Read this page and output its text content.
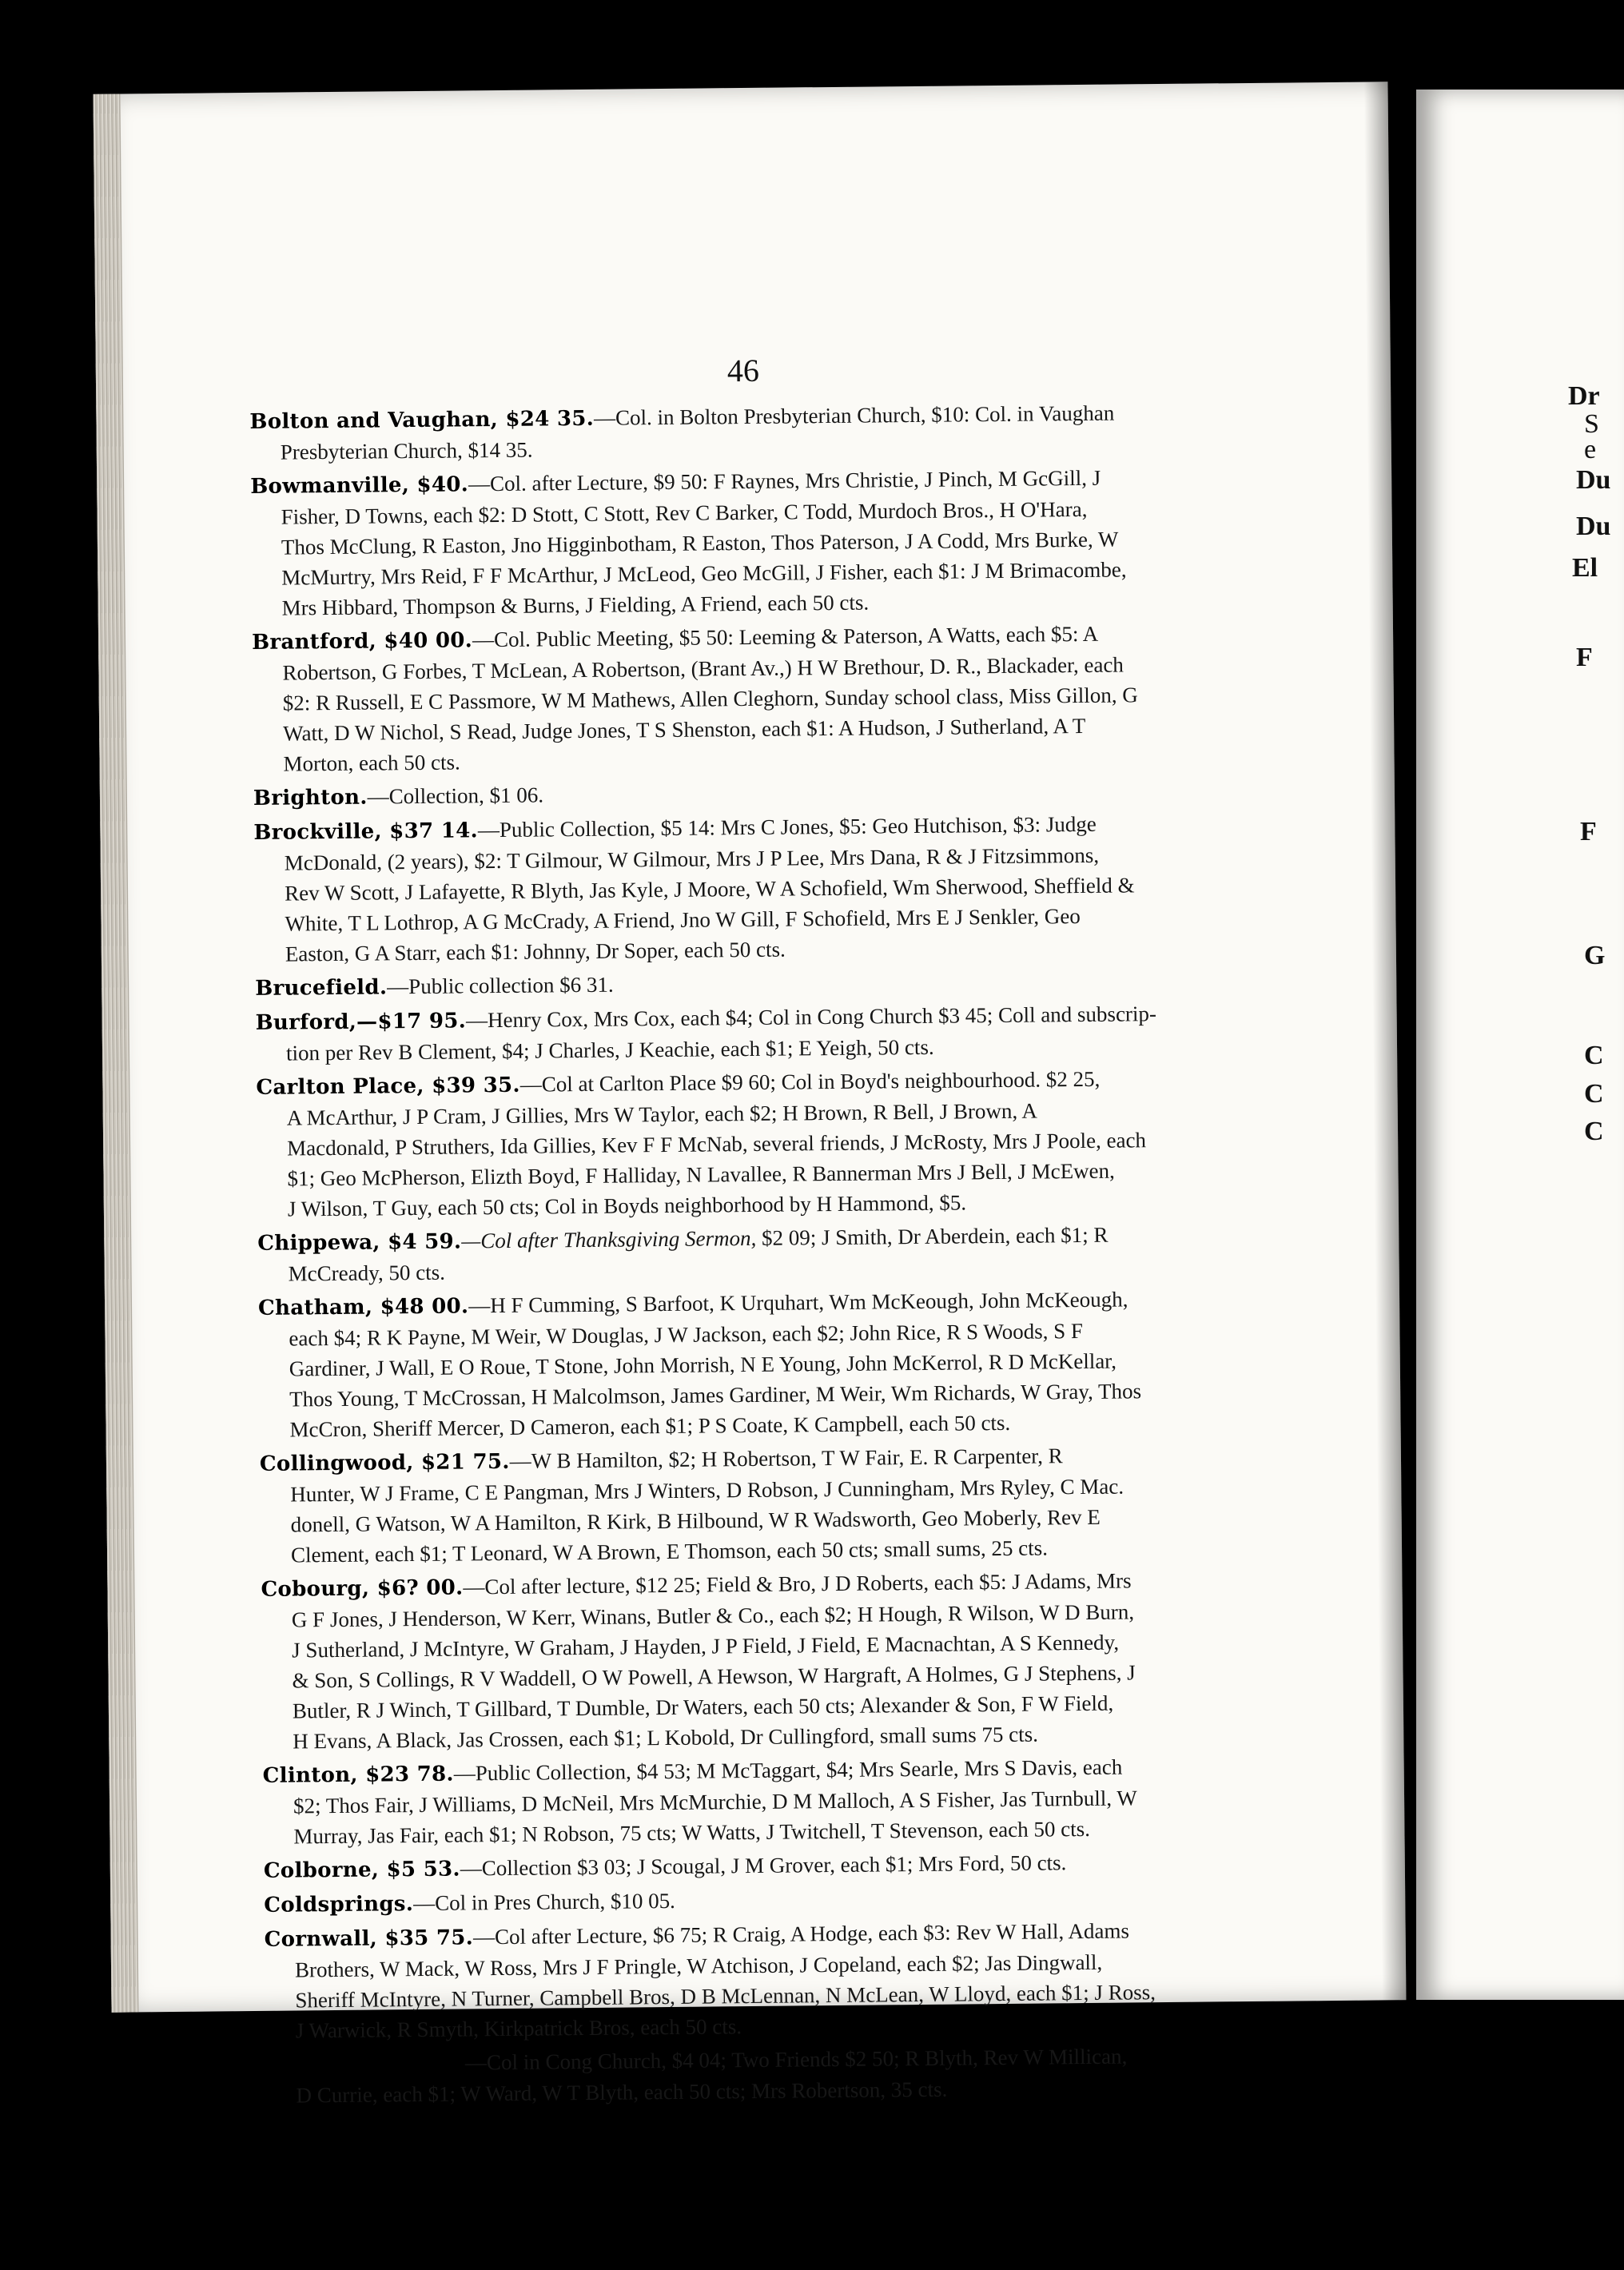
46
Bolton and Vaughan, $24 35.—Col. in Bolton Presbyterian Church, $10: Col. in Vaughan
Presbyterian Church, $14 35.
Bowmanville, $40.—Col. after Lecture, $9 50: F Raynes, Mrs Christie, J Pinch, M GcGill, J
Fisher, D Towns, each $2: D Stott, C Stott, Rev C Barker, C Todd, Murdoch Bros., H O'Hara,
Thos McClung, R Easton, Jno Higginbotham, R Easton, Thos Paterson, J A Codd, Mrs Burke, W
McMurtry, Mrs Reid, F F McArthur, J McLeod, Geo McGill, J Fisher, each $1: J M Brimacombe,
Mrs Hibbard, Thompson & Burns, J Fielding, A Friend, each 50 cts.
Brantford, $40 00.—Col. Public Meeting, $5 50: Leeming & Paterson, A Watts, each $5: A
Robertson, G Forbes, T McLean, A Robertson, (Brant Av.,) H W Brethour, D. R., Blackader, each
$2: R Russell, E C Passmore, W M Mathews, Allen Cleghorn, Sunday school class, Miss Gillon, G
Watt, D W Nichol, S Read, Judge Jones, T S Shenston, each $1: A Hudson, J Sutherland, A T
Morton, each 50 cts.
Brighton.—Collection, $1 06.
Brockville, $37 14.—Public Collection, $5 14: Mrs C Jones, $5: Geo Hutchison, $3: Judge
McDonald, (2 years), $2: T Gilmour, W Gilmour, Mrs J P Lee, Mrs Dana, R & J Fitzsimmons,
Rev W Scott, J Lafayette, R Blyth, Jas Kyle, J Moore, W A Schofield, Wm Sherwood, Sheffield &
White, T L Lothrop, A G McCrady, A Friend, Jno W Gill, F Schofield, Mrs E J Senkler, Geo
Easton, G A Starr, each $1: Johnny, Dr Soper, each 50 cts.
Brucefield.—Public collection $6 31.
Burford,—$17 95.—Henry Cox, Mrs Cox, each $4; Col in Cong Church $3 45; Coll and subscrip-
tion per Rev B Clement, $4; J Charles, J Keachie, each $1; E Yeigh, 50 cts.
Carlton Place, $39 35.—Col at Carlton Place $9 60; Col in Boyd's neighbourhood. $2 25,
A McArthur, J P Cram, J Gillies, Mrs W Taylor, each $2; H Brown, R Bell, J Brown, A
Macdonald, P Struthers, Ida Gillies, Kev F F McNab, several friends, J McRosty, Mrs J Poole, each
$1; Geo McPherson, Elizth Boyd, F Halliday, N Lavallee, R Bannerman Mrs J Bell, J McEwen,
J Wilson, T Guy, each 50 cts; Col in Boyds neighborhood by H Hammond, $5.
Chippewa, $4 59.—Col after Thanksgiving Sermon, $2 09; J Smith, Dr Aberdein, each $1; R
McCready, 50 cts.
Chatham, $48 00.—H F Cumming, S Barfoot, K Urquhart, Wm McKeough, John McKeough,
each $4; R K Payne, M Weir, W Douglas, J W Jackson, each $2; John Rice, R S Woods, S F
Gardiner, J Wall, E O Roue, T Stone, John Morrish, N E Young, John McKerrol, R D McKellar,
Thos Young, T McCrossan, H Malcolmson, James Gardiner, M Weir, Wm Richards, W Gray, Thos
McCron, Sheriff Mercer, D Cameron, each $1; P S Coate, K Campbell, each 50 cts.
Collingwood, $21 75.—W B Hamilton, $2; H Robertson, T W Fair, E. R Carpenter, R
Hunter, W J Frame, C E Pangman, Mrs J Winters, D Robson, J Cunningham, Mrs Ryley, C Mac.
donell, G Watson, W A Hamilton, R Kirk, B Hilbound, W R Wadsworth, Geo Moberly, Rev E
Clement, each $1; T Leonard, W A Brown, E Thomson, each 50 cts; small sums, 25 cts.
Cobourg, $6? 00.—Col after lecture, $12 25; Field & Bro, J D Roberts, each $5: J Adams, Mrs
G F Jones, J Henderson, W Kerr, Winans, Butler & Co., each $2; H Hough, R Wilson, W D Burn,
J Sutherland, J McIntyre, W Graham, J Hayden, J P Field, J Field, E Macnachtan, A S Kennedy,
& Son, S Collings, R V Waddell, O W Powell, A Hewson, W Hargraft, A Holmes, G J Stephens, J
Butler, R J Winch, T Gillbard, T Dumble, Dr Waters, each 50 cts; Alexander & Son, F W Field,
H Evans, A Black, Jas Crossen, each $1; L Kobold, Dr Cullingford, small sums 75 cts.
Clinton, $23 78.—Public Collection, $4 53; M McTaggart, $4; Mrs Searle, Mrs S Davis, each
$2; Thos Fair, J Williams, D McNeil, Mrs McMurchie, D M Malloch, A S Fisher, Jas Turnbull, W
Murray, Jas Fair, each $1; N Robson, 75 cts; W Watts, J Twitchell, T Stevenson, each 50 cts.
Colborne, $5 53.—Collection $3 03; J Scougal, J M Grover, each $1; Mrs Ford, 50 cts.
Coldsprings.—Col in Pres Church, $10 05.
Cornwall, $35 75.—Col after Lecture, $6 75; R Craig, A Hodge, each $3: Rev W Hall, Adams
Brothers, W Mack, W Ross, Mrs J F Pringle, W Atchison, J Copeland, each $2; Jas Dingwall,
Sheriff McIntyre, N Turner, Campbell Bros, D B McLennan, N McLean, W Lloyd, each $1; J Ross,
J Warwick, R Smyth, Kirkpatrick Bros, each 50 cts.
Douglas, $10 89.—Col in Cong Church, $4 04; Two Friends $2 50; R Blyth, Rev W Millican,
D Currie, each $1; W Ward, W T Blyth, each 50 cts; Mrs Robertson, 35 cts.
Dr
S
e
Du
Du
El
F
F
G
C
C
C
